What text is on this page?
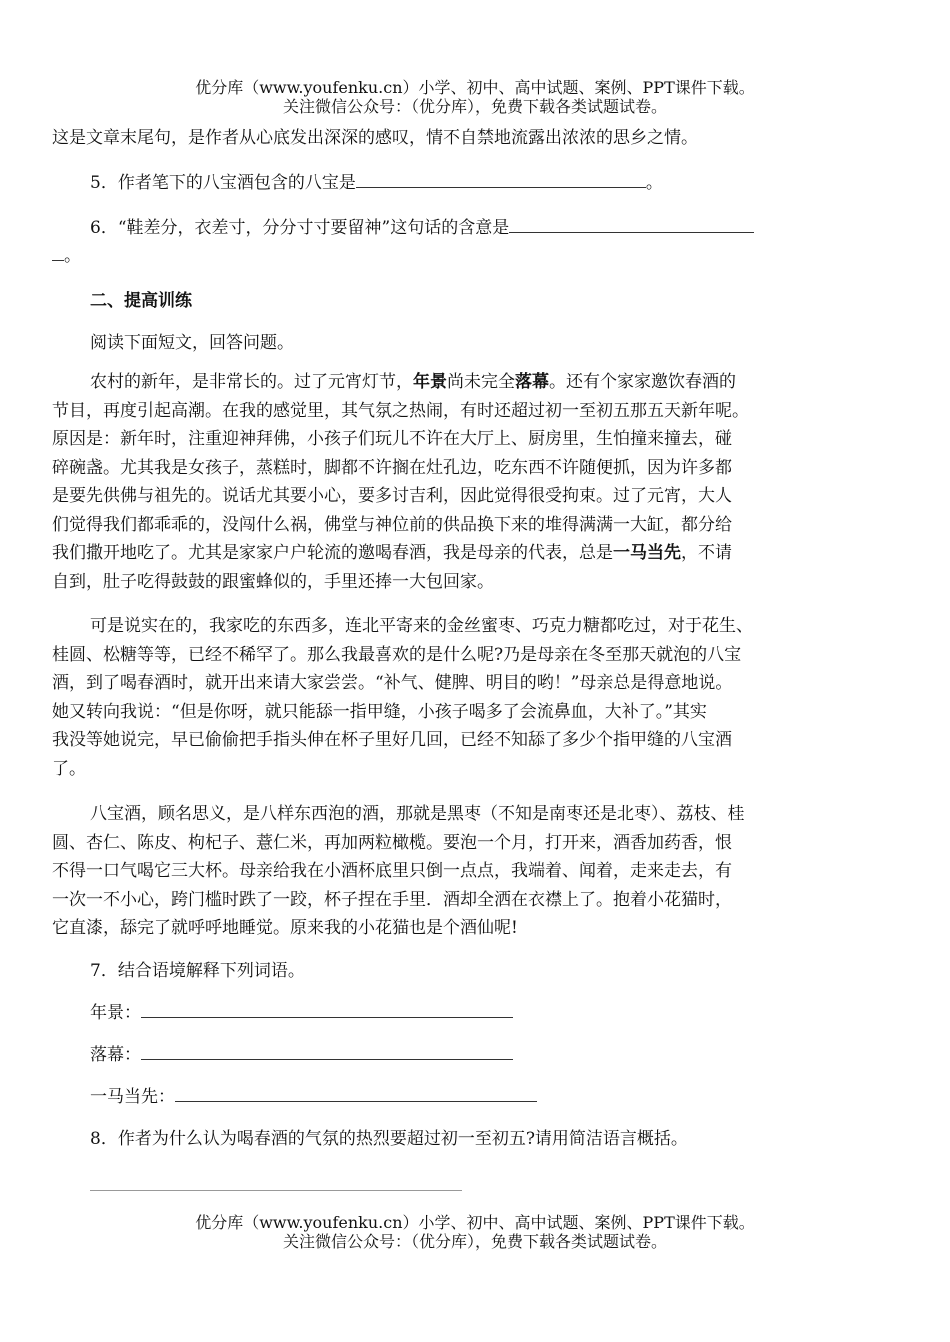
优分库（www.youfenku.cn）小学、初中、高中试题、案例、PPT课件下载。
关注微信公众号：（优分库），免费下载各类试题试卷。
这是文章末尾句，是作者从心底发出深深的感叹，情不自禁地流露出浓浓的思乡之情。
5．作者笔下的八宝酒包含的八宝是	。
6．“鞋差分，衣差寸，分分寸寸要留神”这句话的含意是
。
二、提高训练
阅读下面短文，回答问题。
农村的新年，是非常长的。过了元宵灯节，年景尚未完全落幕。还有个家家邀饮春酒的
节目，再度引起高潮。在我的感觉里，其气氛之热闹，有时还超过初一至初五那五天新年呢。
原因是：新年时，注重迎神拜佛，小孩子们玩儿不许在大厅上、厨房里，生怕撞来撞去，碰
碎碗盏。尤其我是女孩子，蒸糕时，脚都不许搁在灶孔边，吃东西不许随便抓，因为许多都
是要先供佛与祖先的。说话尤其要小心，要多讨吉利，因此觉得很受拘束。过了元宵，大人
们觉得我们都乖乖的，没闯什么祸，佛堂与神位前的供品换下来的堆得满满一大缸，都分给
我们撒开地吃了。尤其是家家户户轮流的邀喝春酒，我是母亲的代表，总是一马当先，不请
自到，肚子吃得鼓鼓的跟蜜蜂似的，手里还捧一大包回家。
可是说实在的，我家吃的东西多，连北平寄来的金丝蜜枣、巧克力糖都吃过，对于花生、
桂圆、松糖等等，已经不稀罕了。那么我最喜欢的是什么呢?乃是母亲在冬至那天就泡的八宝
酒，到了喝春酒时，就开出来请大家尝尝。“补气、健脾、明目的哟！”母亲总是得意地说。
她又转向我说：“但是你呀，就只能舔一指甲缝，小孩子喝多了会流鼻血，大补了。”其实
我没等她说完，早已偷偷把手指头伸在杯子里好几回，已经不知舔了多少个指甲缝的八宝酒
了。
八宝酒，顾名思义，是八样东西泡的酒，那就是黑枣（不知是南枣还是北枣）、荔枝、桂
圆、杏仁、陈皮、枸杞子、薏仁米，再加两粒橄榄。要泡一个月，打开来，酒香加药香，恨
不得一口气喝它三大杯。母亲给我在小酒杯底里只倒一点点，我端着、闻着，走来走去，有
一次一不小心，跨门槛时跌了一跤，杯子捏在手里．酒却全洒在衣襟上了。抱着小花猫时，
它直漆，舔完了就呼呼地睡觉。原来我的小花猫也是个酒仙呢!
7．结合语境解释下列词语。
年景：
落幕：
一马当先：
8．作者为什么认为喝春酒的气氛的热烈要超过初一至初五?请用简洁语言概括。
优分库（www.youfenku.cn）小学、初中、高中试题、案例、PPT课件下载。
关注微信公众号：（优分库），免费下载各类试题试卷。
